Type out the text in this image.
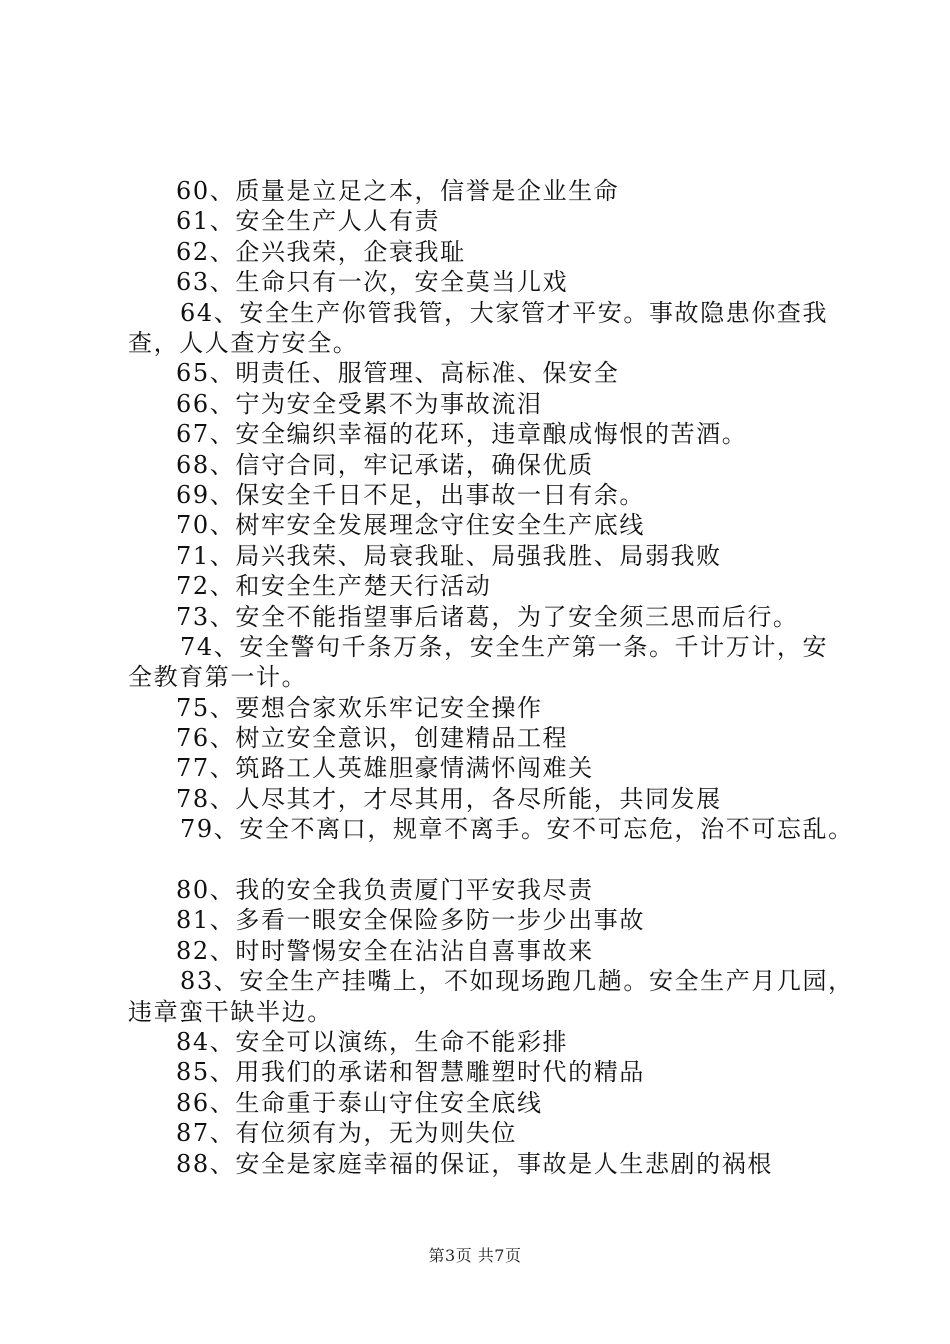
60、质量是立足之本，信誉是企业生命
61、安全生产人人有责
62、企兴我荣，企衰我耻
63、生命只有一次，安全莫当儿戏
64、安全生产你管我管，大家管才平安。事故隐患你查我
查，人人查方安全。
65、明责任、服管理、高标准、保安全
66、宁为安全受累不为事故流泪
67、安全编织幸福的花环，违章酿成悔恨的苦酒。
68、信守合同，牢记承诺，确保优质
69、保安全千日不足，出事故一日有余。
70、树牢安全发展理念守住安全生产底线
71、局兴我荣、局衰我耻、局强我胜、局弱我败
72、和安全生产楚天行活动
73、安全不能指望事后诸葛，为了安全须三思而后行。
74、安全警句千条万条，安全生产第一条。千计万计，安
全教育第一计。
75、要想合家欢乐牢记安全操作
76、树立安全意识，创建精品工程
77、筑路工人英雄胆豪情满怀闯难关
78、人尽其才，才尽其用，各尽所能，共同发展
79、安全不离口，规章不离手。安不可忘危，治不可忘乱。
80、我的安全我负责厦门平安我尽责
81、多看一眼安全保险多防一步少出事故
82、时时警惕安全在沾沾自喜事故来
83、安全生产挂嘴上，不如现场跑几趟。安全生产月几园，
违章蛮干缺半边。
84、安全可以演练，生命不能彩排
85、用我们的承诺和智慧雕塑时代的精品
86、生命重于泰山守住安全底线
87、有位须有为，无为则失位
88、安全是家庭幸福的保证，事故是人生悲剧的祸根
第3页 共7页
